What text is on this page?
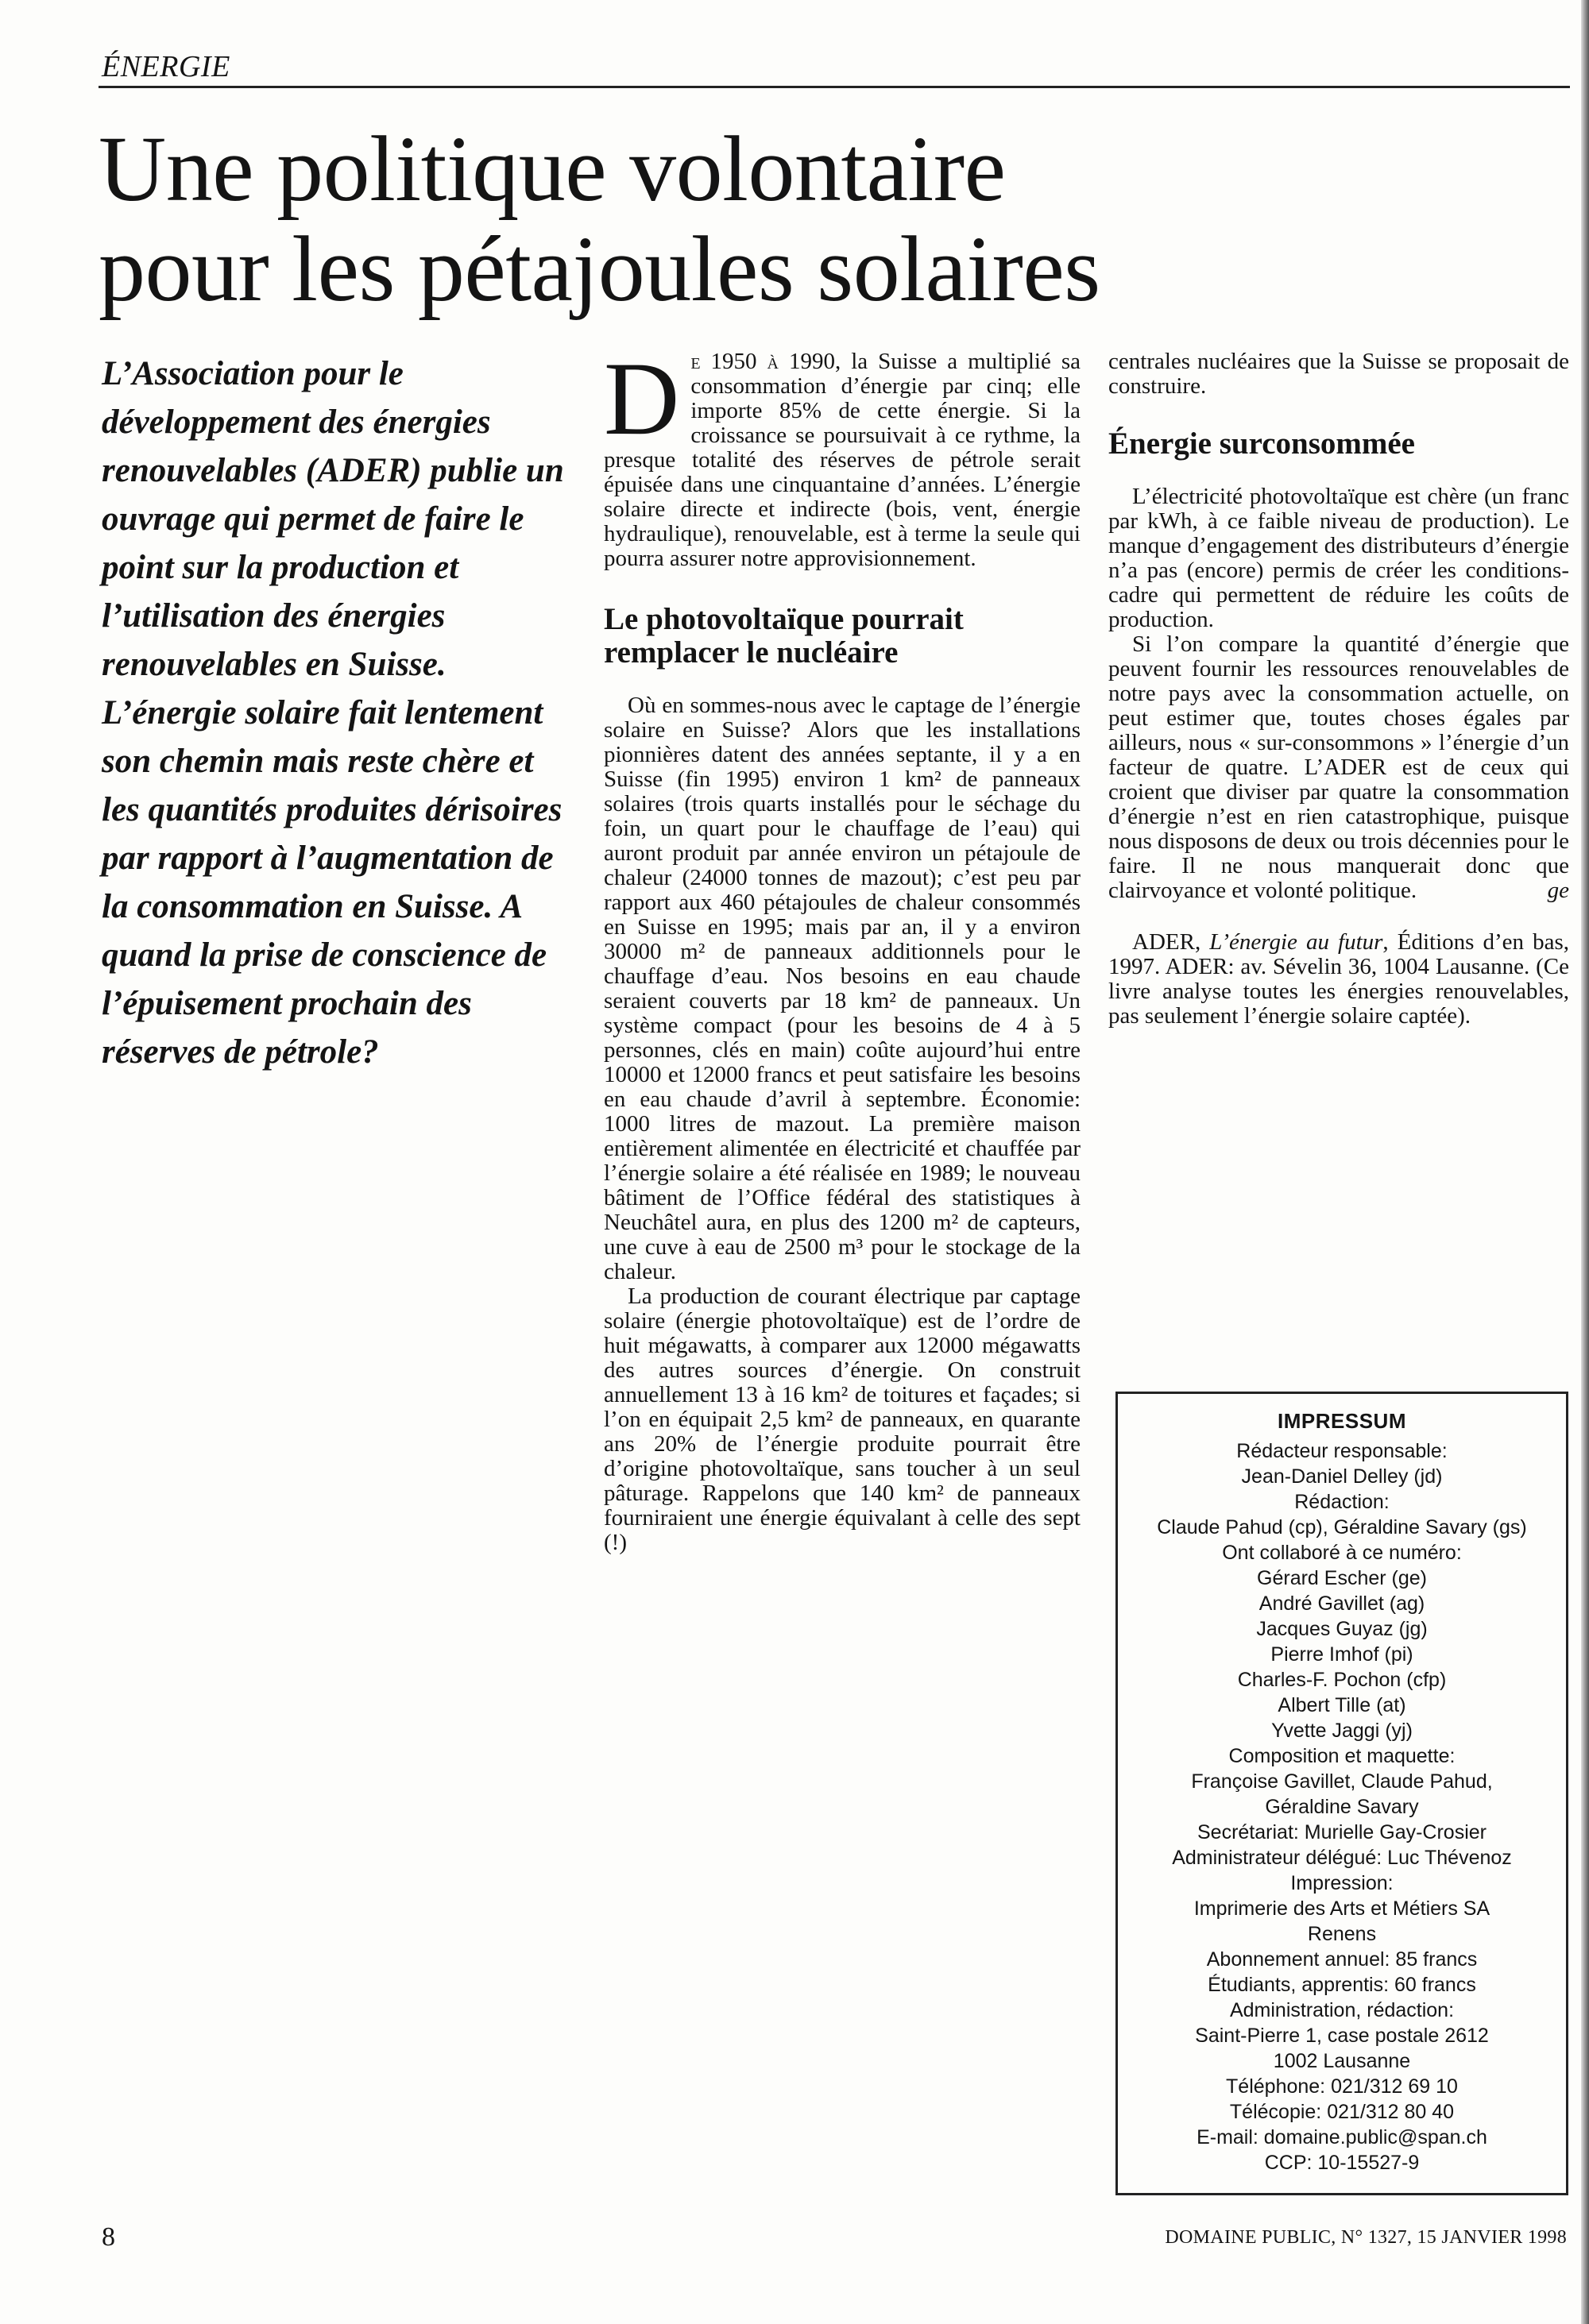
ÉNERGIE
Une politique volontaire
pour les pétajoules solaires

L’Association pour le développement des énergies renouvelables (ADER) publie un ouvrage qui permet de faire le point sur la production et l’utilisation des énergies renouvelables en Suisse.

L’énergie solaire fait lentement son chemin mais reste chère et les quantités produites dérisoires par rapport à l’augmentation de la consommation en Suisse. A quand la prise de conscience de l’épuisement prochain des réserves de pétrole?

De 1950 à 1990, la Suisse a multiplié sa consommation d’énergie par cinq; elle importe 85% de cette énergie. Si la croissance se poursuivait à ce rythme, la presque totalité des réserves de pétrole serait épuisée dans une cinquantaine d’années. L’énergie solaire directe et indirecte (bois, vent, énergie hydraulique), renouvelable, est à terme la seule qui pourra assurer notre approvisionnement.

Le photovoltaïque pourrait remplacer le nucléaire

Où en sommes-nous avec le captage de l’énergie solaire en Suisse? Alors que les installations pionnières datent des années septante, il y a en Suisse (fin 1995) environ 1 km² de panneaux solaires (trois quarts installés pour le séchage du foin, un quart pour le chauffage de l’eau) qui auront produit par année environ un pétajoule de chaleur (24000 tonnes de mazout); c’est peu par rapport aux 460 pétajoules de chaleur consommés en Suisse en 1995; mais par an, il y a environ 30000 m² de panneaux additionnels pour le chauffage d’eau. Nos besoins en eau chaude seraient couverts par 18 km² de panneaux. Un système compact (pour les besoins de 4 à 5 personnes, clés en main) coûte aujourd’hui entre 10000 et 12000 francs et peut satisfaire les besoins en eau chaude d’avril à septembre. Économie: 1000 litres de mazout. La première maison entièrement alimentée en électricité et chauffée par l’énergie solaire a été réalisée en 1989; le nouveau bâtiment de l’Office fédéral des statistiques à Neuchâtel aura, en plus des 1200 m² de capteurs, une cuve à eau de 2500 m³ pour le stockage de la chaleur.

La production de courant électrique par captage solaire (énergie photovoltaïque) est de l’ordre de huit mégawatts, à comparer aux 12000 mégawatts des autres sources d’énergie. On construit annuellement 13 à 16 km² de toitures et façades; si l’on en équipait 2,5 km² de panneaux, en quarante ans 20% de l’énergie produite pourrait être d’origine photovoltaïque, sans toucher à un seul pâturage. Rappelons que 140 km² de panneaux fourniraient une énergie équivalant à celle des sept (!)

centrales nucléaires que la Suisse se proposait de construire.

Énergie surconsommée

L’électricité photovoltaïque est chère (un franc par kWh, à ce faible niveau de production). Le manque d’engagement des distributeurs d’énergie n’a pas (encore) permis de créer les conditions-cadre qui permettent de réduire les coûts de production.

Si l’on compare la quantité d’énergie que peuvent fournir les ressources renouvelables de notre pays avec la consommation actuelle, on peut estimer que, toutes choses égales par ailleurs, nous « sur-consommons » l’énergie d’un facteur de quatre. L’ADER est de ceux qui croient que diviser par quatre la consommation d’énergie n’est en rien catastrophique, puisque nous disposons de deux ou trois décennies pour le faire. Il ne nous manquerait donc que clairvoyance et volonté politique.	ge

ADER, L’énergie au futur, Éditions d’en bas, 1997. ADER: av. Sévelin 36, 1004 Lausanne. (Ce livre analyse toutes les énergies renouvelables, pas seulement l’énergie solaire captée).

IMPRESSUM
Rédacteur responsable:
Jean-Daniel Delley (jd)
Rédaction:
Claude Pahud (cp), Géraldine Savary (gs)
Ont collaboré à ce numéro:
Gérard Escher (ge)
André Gavillet (ag)
Jacques Guyaz (jg)
Pierre Imhof (pi)
Charles-F. Pochon (cfp)
Albert Tille (at)
Yvette Jaggi (yj)
Composition et maquette:
Françoise Gavillet, Claude Pahud,
Géraldine Savary
Secrétariat: Murielle Gay-Crosier
Administrateur délégué: Luc Thévenoz
Impression:
Imprimerie des Arts et Métiers SA
Renens
Abonnement annuel: 85 francs
Étudiants, apprentis: 60 francs
Administration, rédaction:
Saint-Pierre 1, case postale 2612
1002 Lausanne
Téléphone: 021/312 69 10
Télécopie: 021/312 80 40
E-mail: domaine.public@span.ch
CCP: 10-15527-9
8	DOMAINE PUBLIC, N° 1327, 15 JANVIER 1998
